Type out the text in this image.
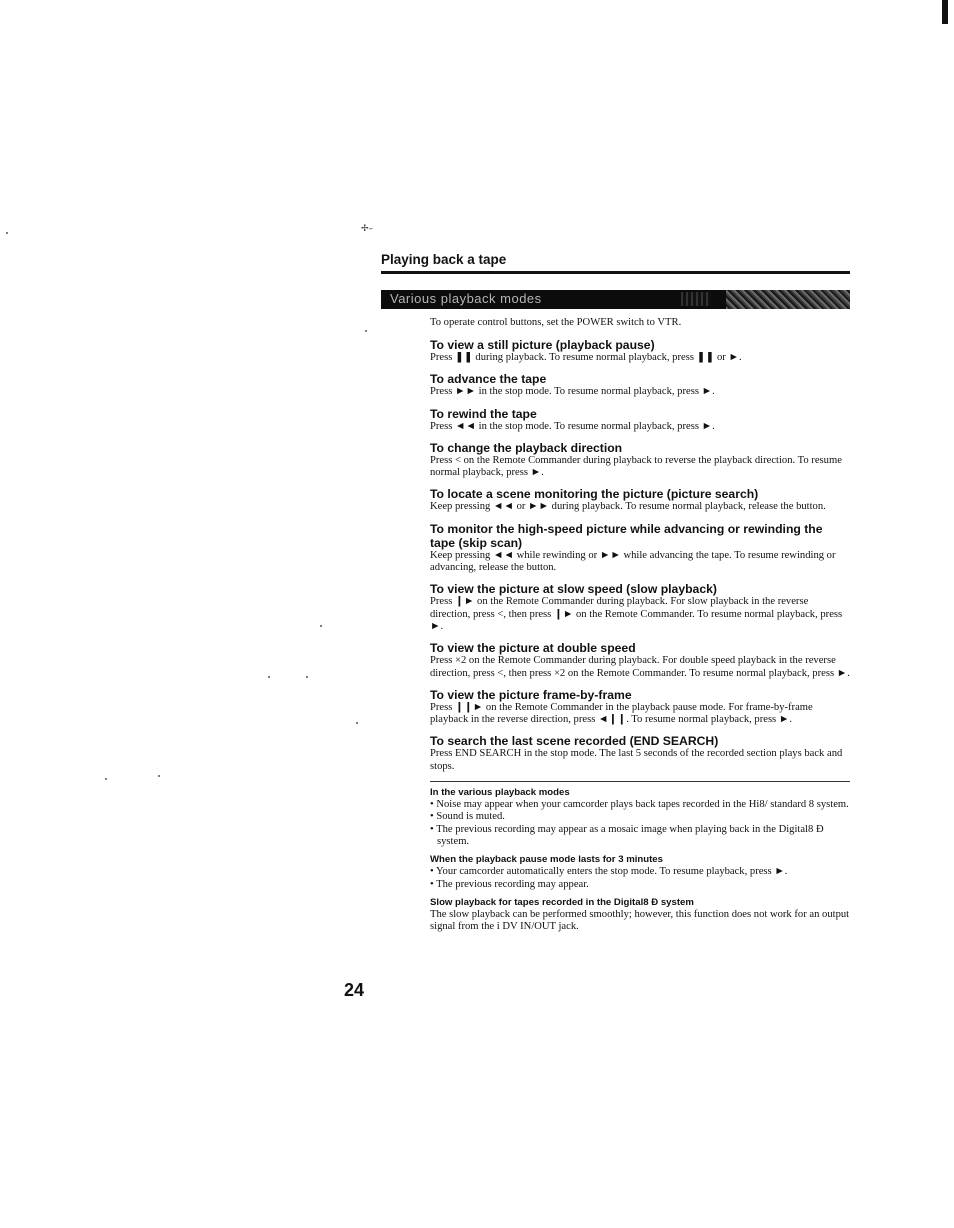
✢–
Playing back a tape
Various playback modes

To operate control buttons, set the POWER switch to VTR.

To view a still picture (playback pause)

Press ❚❚ during playback. To resume normal playback, press ❚❚ or ►.

To advance the tape

Press ►► in the stop mode. To resume normal playback, press ►.

To rewind the tape

Press ◄◄ in the stop mode. To resume normal playback, press ►.

To change the playback direction

Press < on the Remote Commander during playback to reverse the playback direction. To resume normal playback, press ►.

To locate a scene monitoring the picture (picture search)

Keep pressing ◄◄ or ►► during playback. To resume normal playback, release the button.

To monitor the high-speed picture while advancing or rewinding the tape (skip scan)

Keep pressing ◄◄ while rewinding or ►► while advancing the tape. To resume rewinding or advancing, release the button.

To view the picture at slow speed (slow playback)

Press ❙► on the Remote Commander during playback. For slow playback in the reverse direction, press <, then press ❙► on the Remote Commander. To resume normal playback, press ►.

To view the picture at double speed

Press ×2 on the Remote Commander during playback. For double speed playback in the reverse direction, press <, then press ×2 on the Remote Commander. To resume normal playback, press ►.

To view the picture frame-by-frame

Press ❙❙► on the Remote Commander in the playback pause mode. For frame-by-frame playback in the reverse direction, press ◄❙❙. To resume normal playback, press ►.

To search the last scene recorded (END SEARCH)

Press END SEARCH in the stop mode. The last 5 seconds of the recorded section plays back and stops.

In the various playback modes

• Noise may appear when your camcorder plays back tapes recorded in the Hi8/ standard 8 system.

• Sound is muted.

• The previous recording may appear as a mosaic image when playing back in the Digital8 Ð system.

When the playback pause mode lasts for 3 minutes

• Your camcorder automatically enters the stop mode. To resume playback, press ►.

• The previous recording may appear.

Slow playback for tapes recorded in the Digital8 Ð system

The slow playback can be performed smoothly; however, this function does not work for an output signal from the i DV IN/OUT jack.

24
